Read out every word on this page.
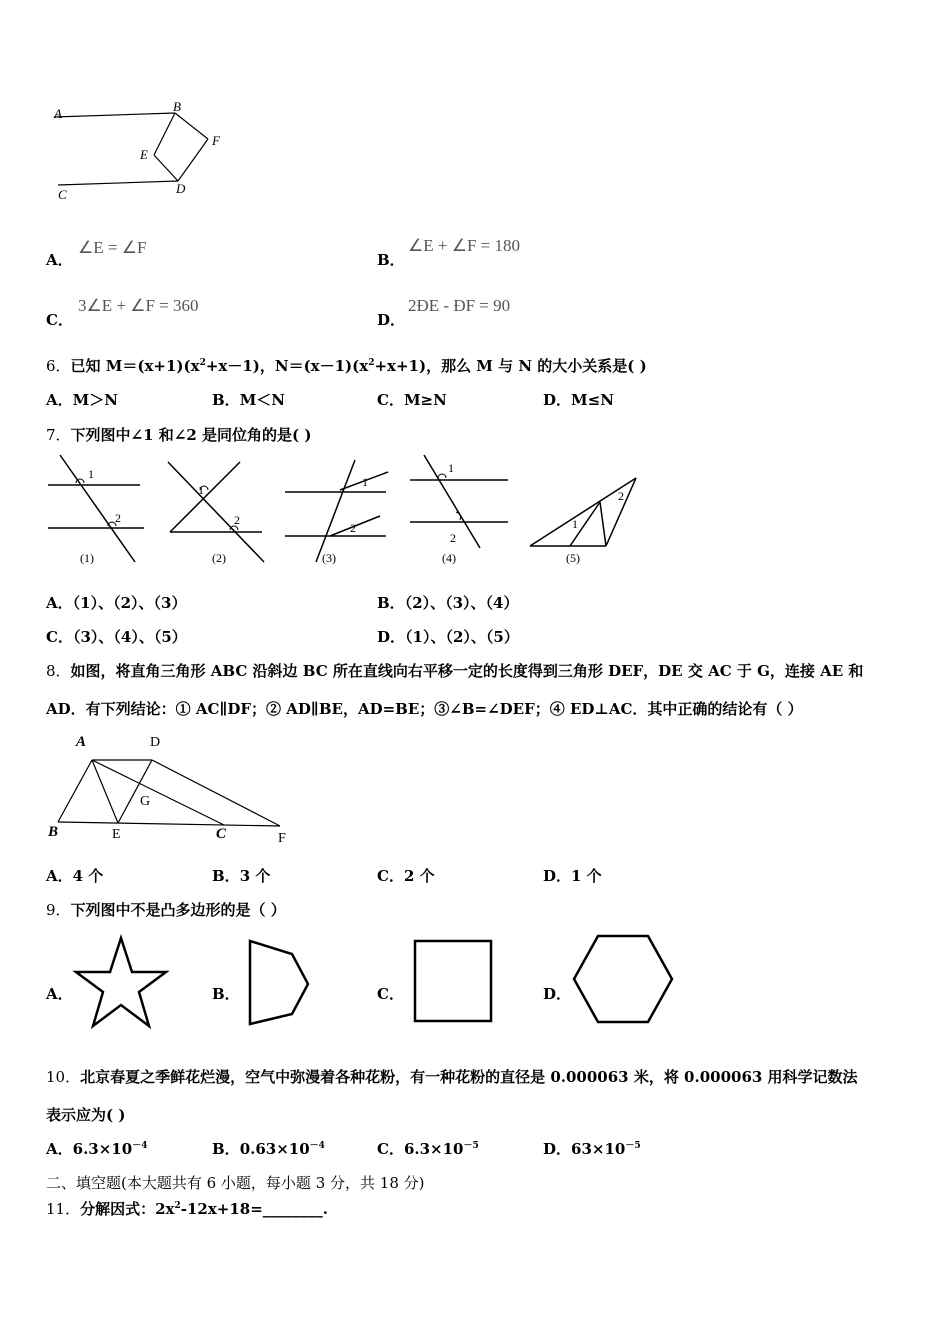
A	B
C	D
E
F
A．
∠E = ∠F
B．
∠E + ∠F = 180
C．
3∠E + ∠F = 360
D．
2ÐE - ÐF = 90
6．已知 $M=(x+1)(x^2+x-1)$，$N=(x-1)(x^2+x+1)$，那么 M 与 N 的大小关系是( )
A．M＞N	B．M＜N	C．M≥N	D．M≤N
7．下列图中∠1 和∠2 是同位角的是( )
1
2
(1)
1
2
(2)
1
2
(3)
1
2
(4)
1
2
(5)
A．（1）、（2）、（3）	B．（2）、（3）、（4）
C．（3）、（4）、（5）	D．（1）、（2）、（5）
8．如图，将直角三角形 ABC 沿斜边 BC 所在直线向右平移一定的长度得到三角形 DEF，DE 交 AC 于 G，连接 AE 和
AD．有下列结论：① AC∥DF；② AD∥BE，AD=BE；③∠B=∠DEF；④ ED⊥AC．其中正确的结论有（ ）
A	D
G
B	E	C	F
A．4 个	B．3 个	C．2 个	D．1 个
9．下列图中不是凸多边形的是（ ）
A．	B．	C．	D．
10．北京春夏之季鲜花烂漫，空气中弥漫着各种花粉，有一种花粉的直径是 0.000063 米，将 0.000063 用科学记数法
表示应为( )
A．$6.3\times 10^{-4}$	B．$0.63\times 10^{-4}$	C．$6.3\times 10^{-5}$	D．$63\times 10^{-5}$
二、填空题(本大题共有 6 小题，每小题 3 分，共 18 分)
11．分解因式：$2x^2-12x+18=\_\_\_\_\_\_\_\_$.
